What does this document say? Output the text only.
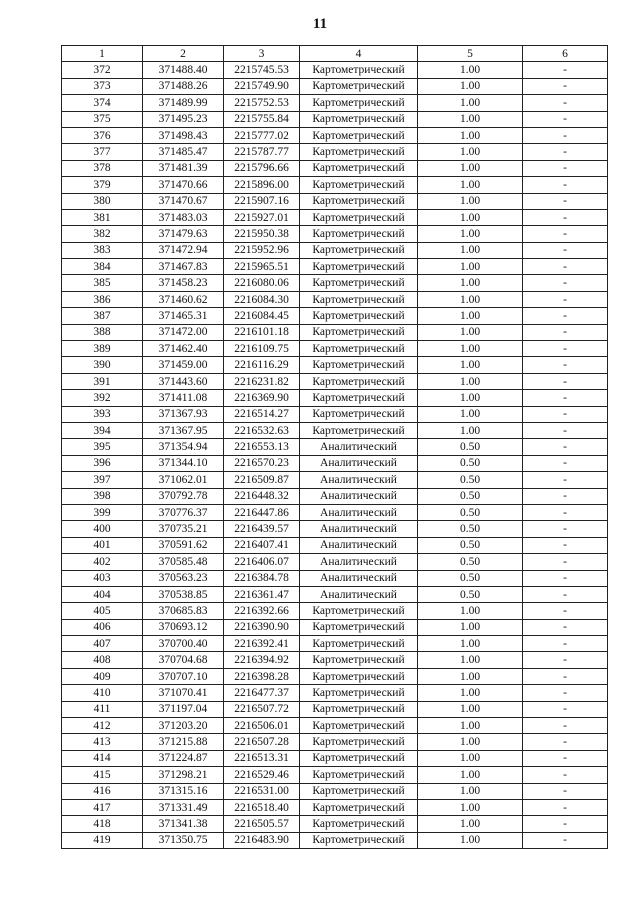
11
1	2	3	4	5	6
372	371488.40	2215745.53	Картометрический	1.00	-
373	371488.26	2215749.90	Картометрический	1.00	-
374	371489.99	2215752.53	Картометрический	1.00	-
375	371495.23	2215755.84	Картометрический	1.00	-
376	371498.43	2215777.02	Картометрический	1.00	-
377	371485.47	2215787.77	Картометрический	1.00	-
378	371481.39	2215796.66	Картометрический	1.00	-
379	371470.66	2215896.00	Картометрический	1.00	-
380	371470.67	2215907.16	Картометрический	1.00	-
381	371483.03	2215927.01	Картометрический	1.00	-
382	371479.63	2215950.38	Картометрический	1.00	-
383	371472.94	2215952.96	Картометрический	1.00	-
384	371467.83	2215965.51	Картометрический	1.00	-
385	371458.23	2216080.06	Картометрический	1.00	-
386	371460.62	2216084.30	Картометрический	1.00	-
387	371465.31	2216084.45	Картометрический	1.00	-
388	371472.00	2216101.18	Картометрический	1.00	-
389	371462.40	2216109.75	Картометрический	1.00	-
390	371459.00	2216116.29	Картометрический	1.00	-
391	371443.60	2216231.82	Картометрический	1.00	-
392	371411.08	2216369.90	Картометрический	1.00	-
393	371367.93	2216514.27	Картометрический	1.00	-
394	371367.95	2216532.63	Картометрический	1.00	-
395	371354.94	2216553.13	Аналитический	0.50	-
396	371344.10	2216570.23	Аналитический	0.50	-
397	371062.01	2216509.87	Аналитический	0.50	-
398	370792.78	2216448.32	Аналитический	0.50	-
399	370776.37	2216447.86	Аналитический	0.50	-
400	370735.21	2216439.57	Аналитический	0.50	-
401	370591.62	2216407.41	Аналитический	0.50	-
402	370585.48	2216406.07	Аналитический	0.50	-
403	370563.23	2216384.78	Аналитический	0.50	-
404	370538.85	2216361.47	Аналитический	0.50	-
405	370685.83	2216392.66	Картометрический	1.00	-
406	370693.12	2216390.90	Картометрический	1.00	-
407	370700.40	2216392.41	Картометрический	1.00	-
408	370704.68	2216394.92	Картометрический	1.00	-
409	370707.10	2216398.28	Картометрический	1.00	-
410	371070.41	2216477.37	Картометрический	1.00	-
411	371197.04	2216507.72	Картометрический	1.00	-
412	371203.20	2216506.01	Картометрический	1.00	-
413	371215.88	2216507.28	Картометрический	1.00	-
414	371224.87	2216513.31	Картометрический	1.00	-
415	371298.21	2216529.46	Картометрический	1.00	-
416	371315.16	2216531.00	Картометрический	1.00	-
417	371331.49	2216518.40	Картометрический	1.00	-
418	371341.38	2216505.57	Картометрический	1.00	-
419	371350.75	2216483.90	Картометрический	1.00	-
